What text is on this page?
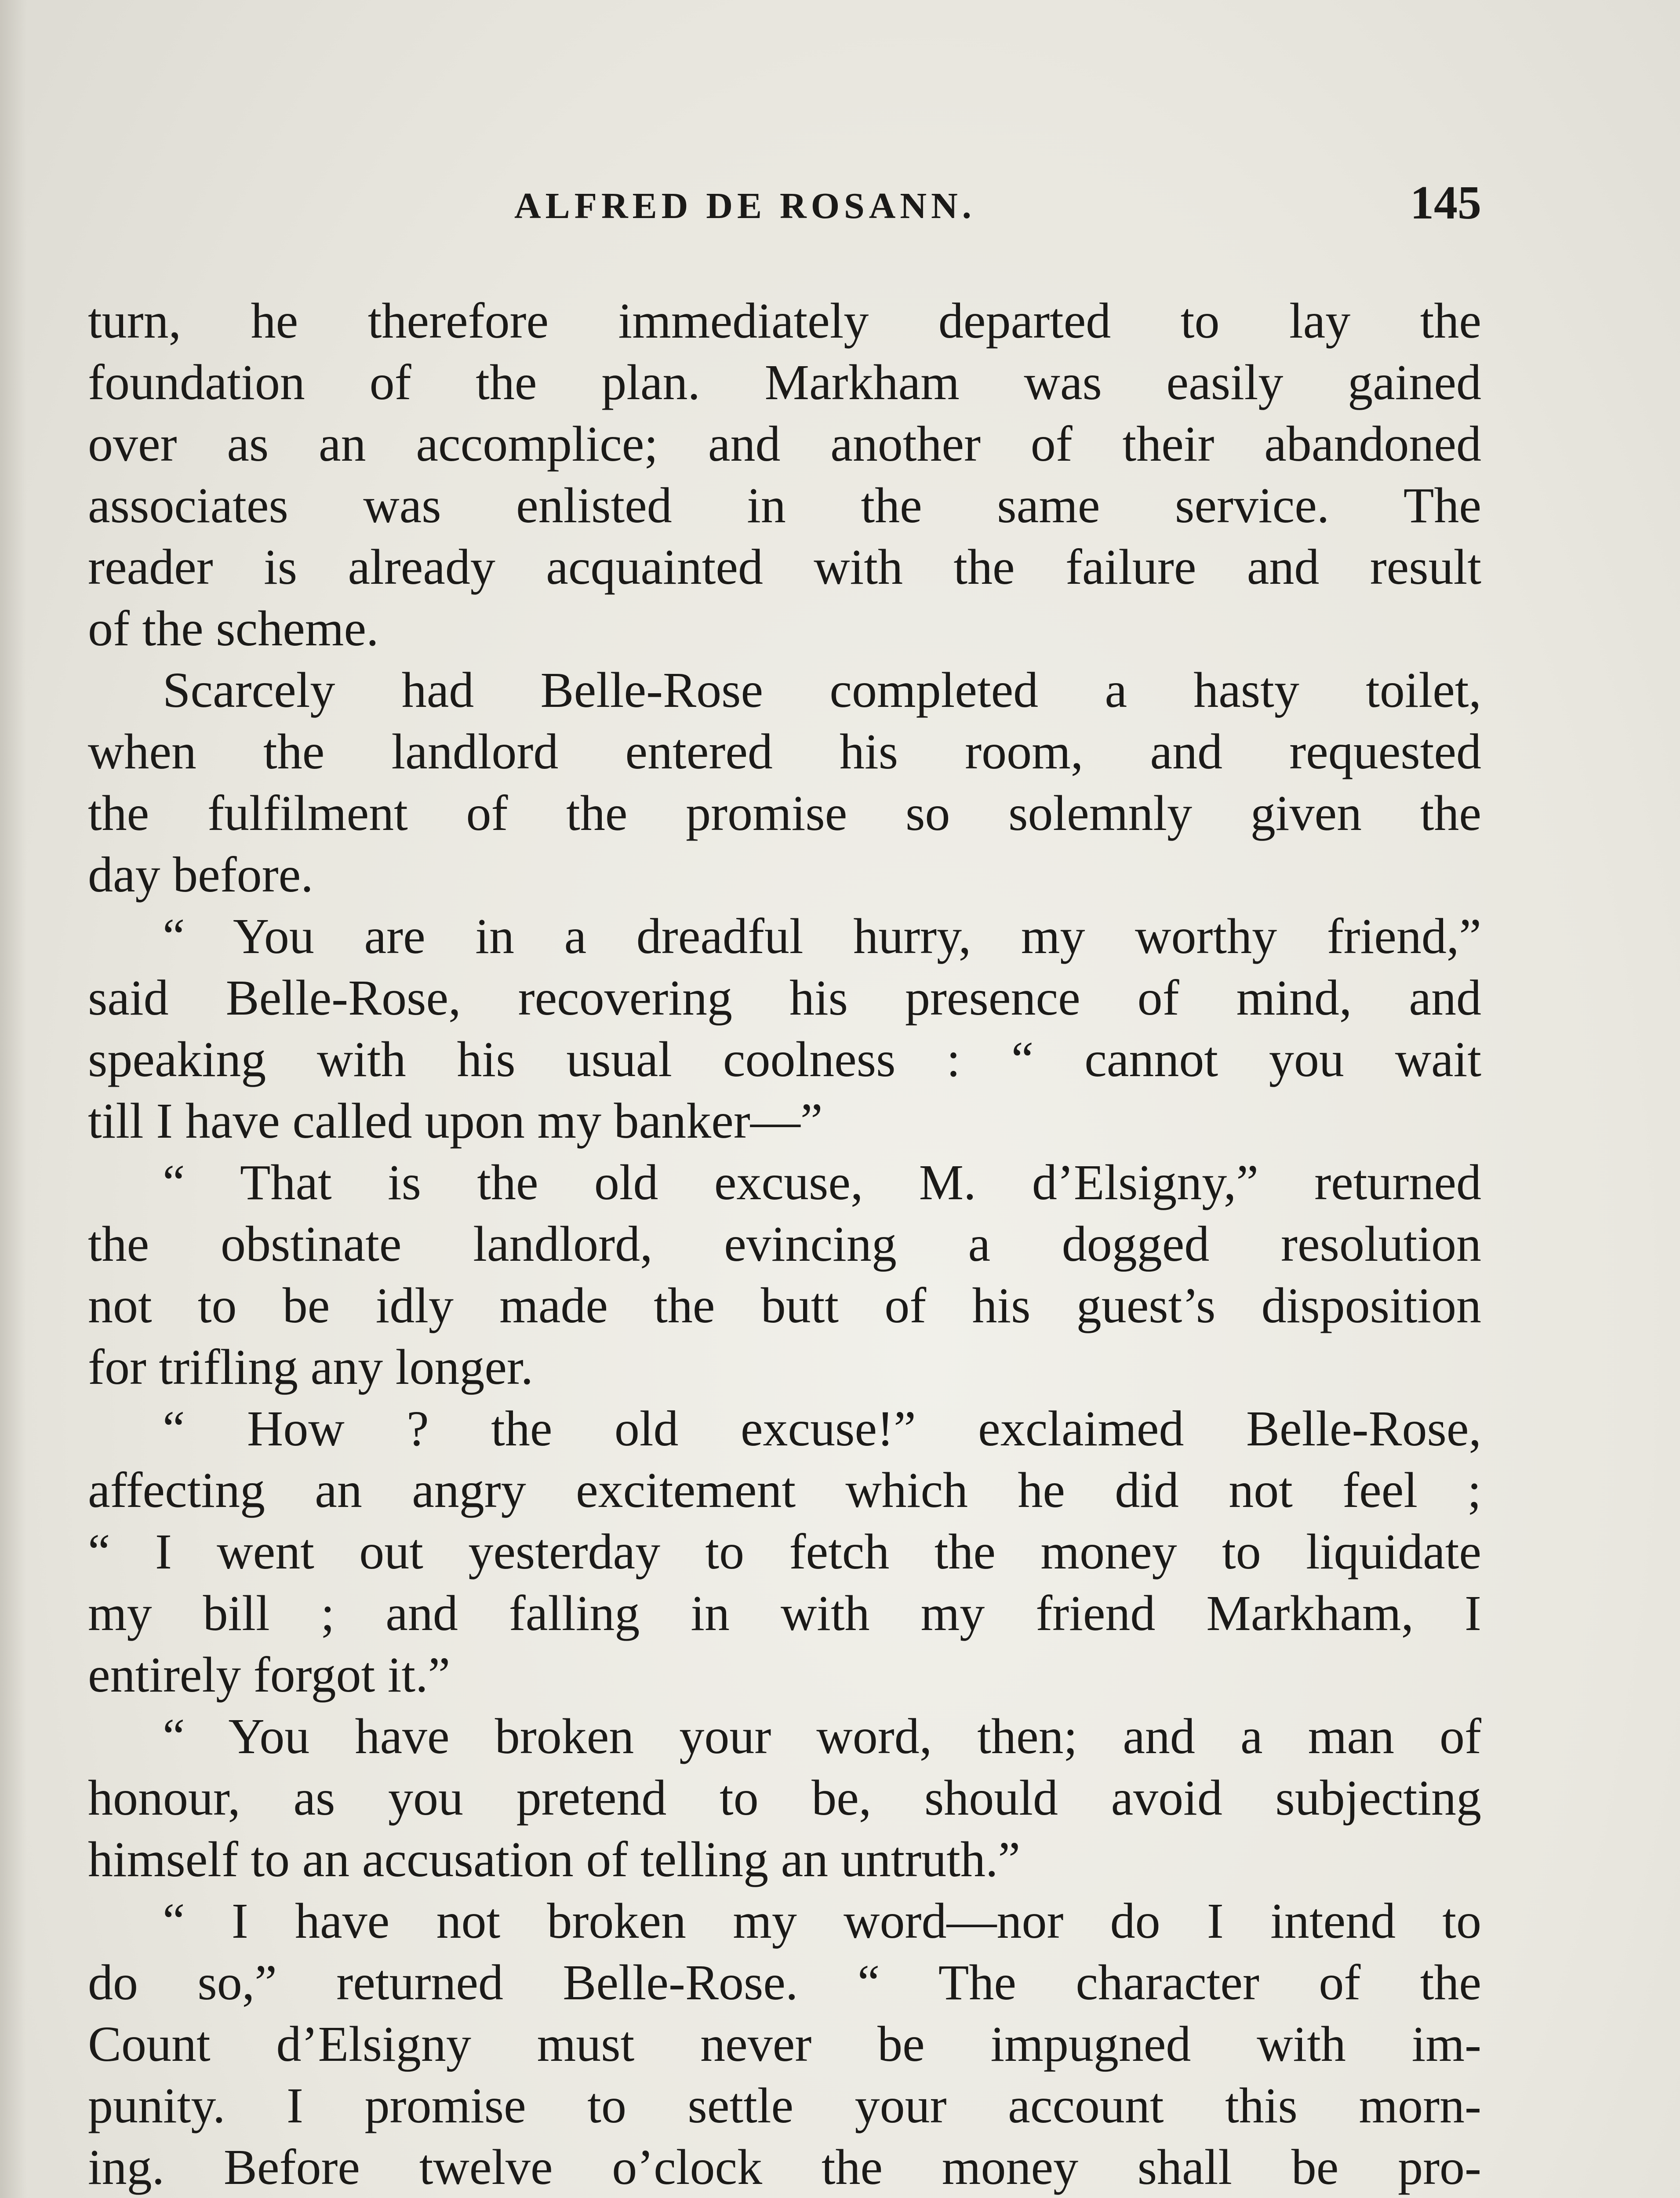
ALFRED DE ROSANN.	145
turn, he therefore immediately departed to lay the
foundation of the plan. Markham was easily gained
over as an accomplice; and another of their abandoned
associates was enlisted in the same service. The
reader is already acquainted with the failure and result
of the scheme.
Scarcely had Belle-Rose completed a hasty toilet,
when the landlord entered his room, and requested
the fulfilment of the promise so solemnly given the
day before.
“ You are in a dreadful hurry, my worthy friend,”
said Belle-Rose, recovering his presence of mind, and
speaking with his usual coolness : “ cannot you wait
till I have called upon my banker—”
“ That is the old excuse, M. d’Elsigny,” returned
the obstinate landlord, evincing a dogged resolution
not to be idly made the butt of his guest’s disposition
for trifling any longer.
“ How ? the old excuse!” exclaimed Belle-Rose,
affecting an angry excitement which he did not feel ;
“ I went out yesterday to fetch the money to liquidate
my bill ; and falling in with my friend Markham, I
entirely forgot it.”
“ You have broken your word, then; and a man of
honour, as you pretend to be, should avoid subjecting
himself to an accusation of telling an untruth.”
“ I have not broken my word—nor do I intend to
do so,” returned Belle-Rose. “ The character of the
Count d’Elsigny must never be impugned with im-
punity. I promise to settle your account this morn-
ing. Before twelve o’clock the money shall be pro-
